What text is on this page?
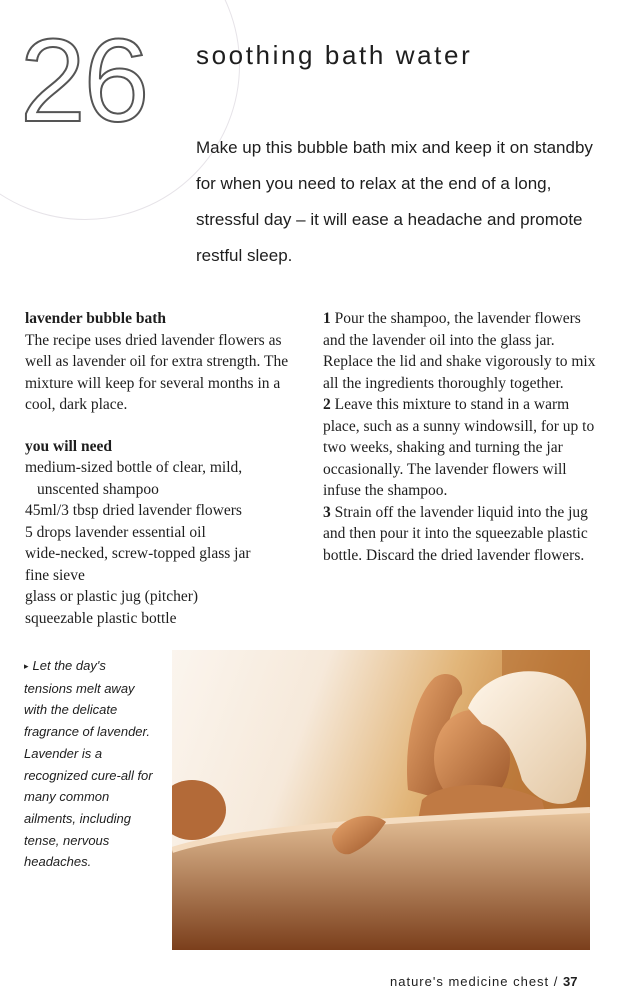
26 soothing bath water

Make up this bubble bath mix and keep it on standby for when you need to relax at the end of a long, stressful day – it will ease a headache and promote restful sleep.

lavender bubble bath

The recipe uses dried lavender flowers as well as lavender oil for extra strength. The mixture will keep for several months in a cool, dark place.

you will need

medium-sized bottle of clear, mild, unscented shampoo
45ml/3 tbsp dried lavender flowers
5 drops lavender essential oil
wide-necked, screw-topped glass jar
fine sieve
glass or plastic jug (pitcher)
squeezable plastic bottle

1 Pour the shampoo, the lavender flowers and the lavender oil into the glass jar. Replace the lid and shake vigorously to mix all the ingredients thoroughly together.

2 Leave this mixture to stand in a warm place, such as a sunny windowsill, for up to two weeks, shaking and turning the jar occasionally. The lavender flowers will infuse the shampoo.

3 Strain off the lavender liquid into the jug and then pour it into the squeezable plastic bottle. Discard the dried lavender flowers.

▸ Let the day's tensions melt away with the delicate fragrance of lavender. Lavender is a recognized cure-all for many common ailments, including tense, nervous headaches.

nature's medicine chest / 37
